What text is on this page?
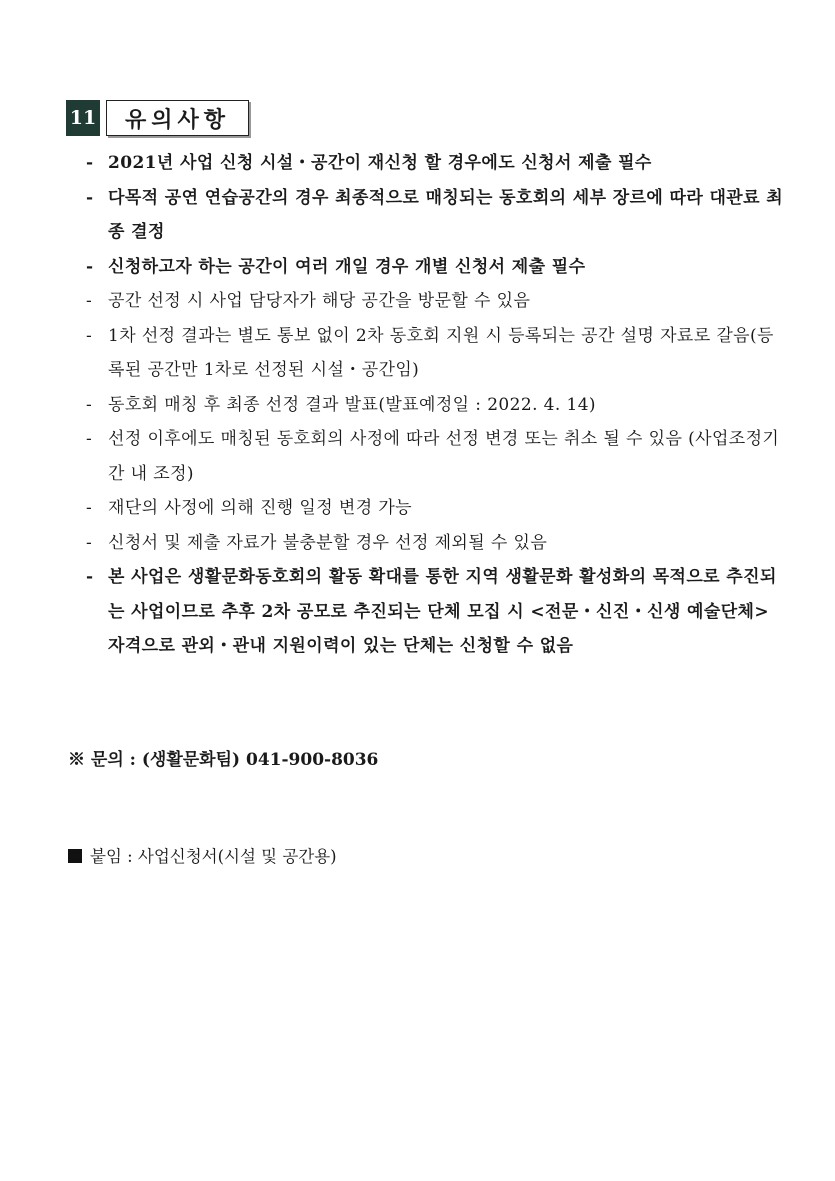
11	유의사항
- 2021년 사업 신청 시설・공간이 재신청 할 경우에도 신청서 제출 필수
- 다목적 공연 연습공간의 경우 최종적으로 매칭되는 동호회의 세부 장르에 따라 대관료 최종 결정
- 신청하고자 하는 공간이 여러 개일 경우 개별 신청서 제출 필수
- 공간 선정 시 사업 담당자가 해당 공간을 방문할 수 있음
- 1차 선정 결과는 별도 통보 없이 2차 동호회 지원 시 등록되는 공간 설명 자료로 갈음(등록된 공간만 1차로 선정된 시설・공간임)
- 동호회 매칭 후 최종 선정 결과 발표(발표예정일 : 2022. 4. 14)
- 선정 이후에도 매칭된 동호회의 사정에 따라 선정 변경 또는 취소 될 수 있음 (사업조정기간 내 조정)
- 재단의 사정에 의해 진행 일정 변경 가능
- 신청서 및 제출 자료가 불충분할 경우 선정 제외될 수 있음
- 본 사업은 생활문화동호회의 활동 확대를 통한 지역 생활문화 활성화의 목적으로 추진되는 사업이므로 추후 2차 공모로 추진되는 단체 모집 시 <전문・신진・신생 예술단체> 자격으로 관외・관내 지원이력이 있는 단체는 신청할 수 없음
※ 문의 : (생활문화팀) 041-900-8036
붙임 : 사업신청서(시설 및 공간용)
